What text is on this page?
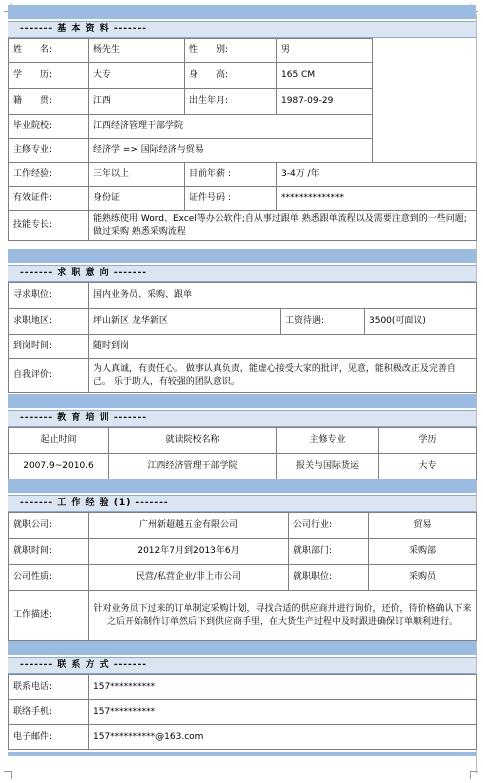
------- 基 本 资 料 -------
姓　　名:	杨先生	性　　别:	男	
学　　历:	大专	身　　高:	165 CM	
籍　　贯:	江西	出生年月:	1987-09-29	
毕业院校:	江西经济管理干部学院			
主修专业:	经济学 => 国际经济与贸易			
工作经验:	三年以上	目前年薪 :	3-4万 /年	
有效证件:	身份证	证件号码 :	**************	
技能专长:	能熟练使用 Word、Excel等办公软件;自从事过跟单 熟悉跟单流程以及需要注意到的一些问题;做过采购 熟悉采购流程			
------- 求 职 意 向 -------
寻求职位:	国内业务员、采购、跟单		
求职地区:	坪山新区 龙华新区	工资待遇:	3500(可面议)
到岗时间:	随时到岗		
自我评价:	为人真诚，有责任心。 做事认真负责，能虚心接受大家的批评，见意，能积极改正及完善自己。 乐于助人，有较强的团队意识。		
------- 教 育 培 训 -------
起止时间	就读院校名称	主修专业	学历
2007.9~2010.6	江西经济管理干部学院	报关与国际货运	大专
------- 工 作 经 验 (1) -------
就职公司:	广州新超越五金有限公司	公司行业:	贸易
就职时间:	2012年7月到2013年6月	就职部门:	采购部
公司性质:	民营/私营企业/非上市公司	就职职位:	采购员
工作描述:	针对业务员下过来的订单制定采购计划，寻找合适的供应商并进行询价，还价，待价格确认下来之后开始制作订单然后下到供应商手里，在大货生产过程中及时跟进确保订单顺利进行。		
------- 联 系 方 式 -------
联系电话:	157**********
联络手机:	157**********
电子邮件:	157**********@163.com
